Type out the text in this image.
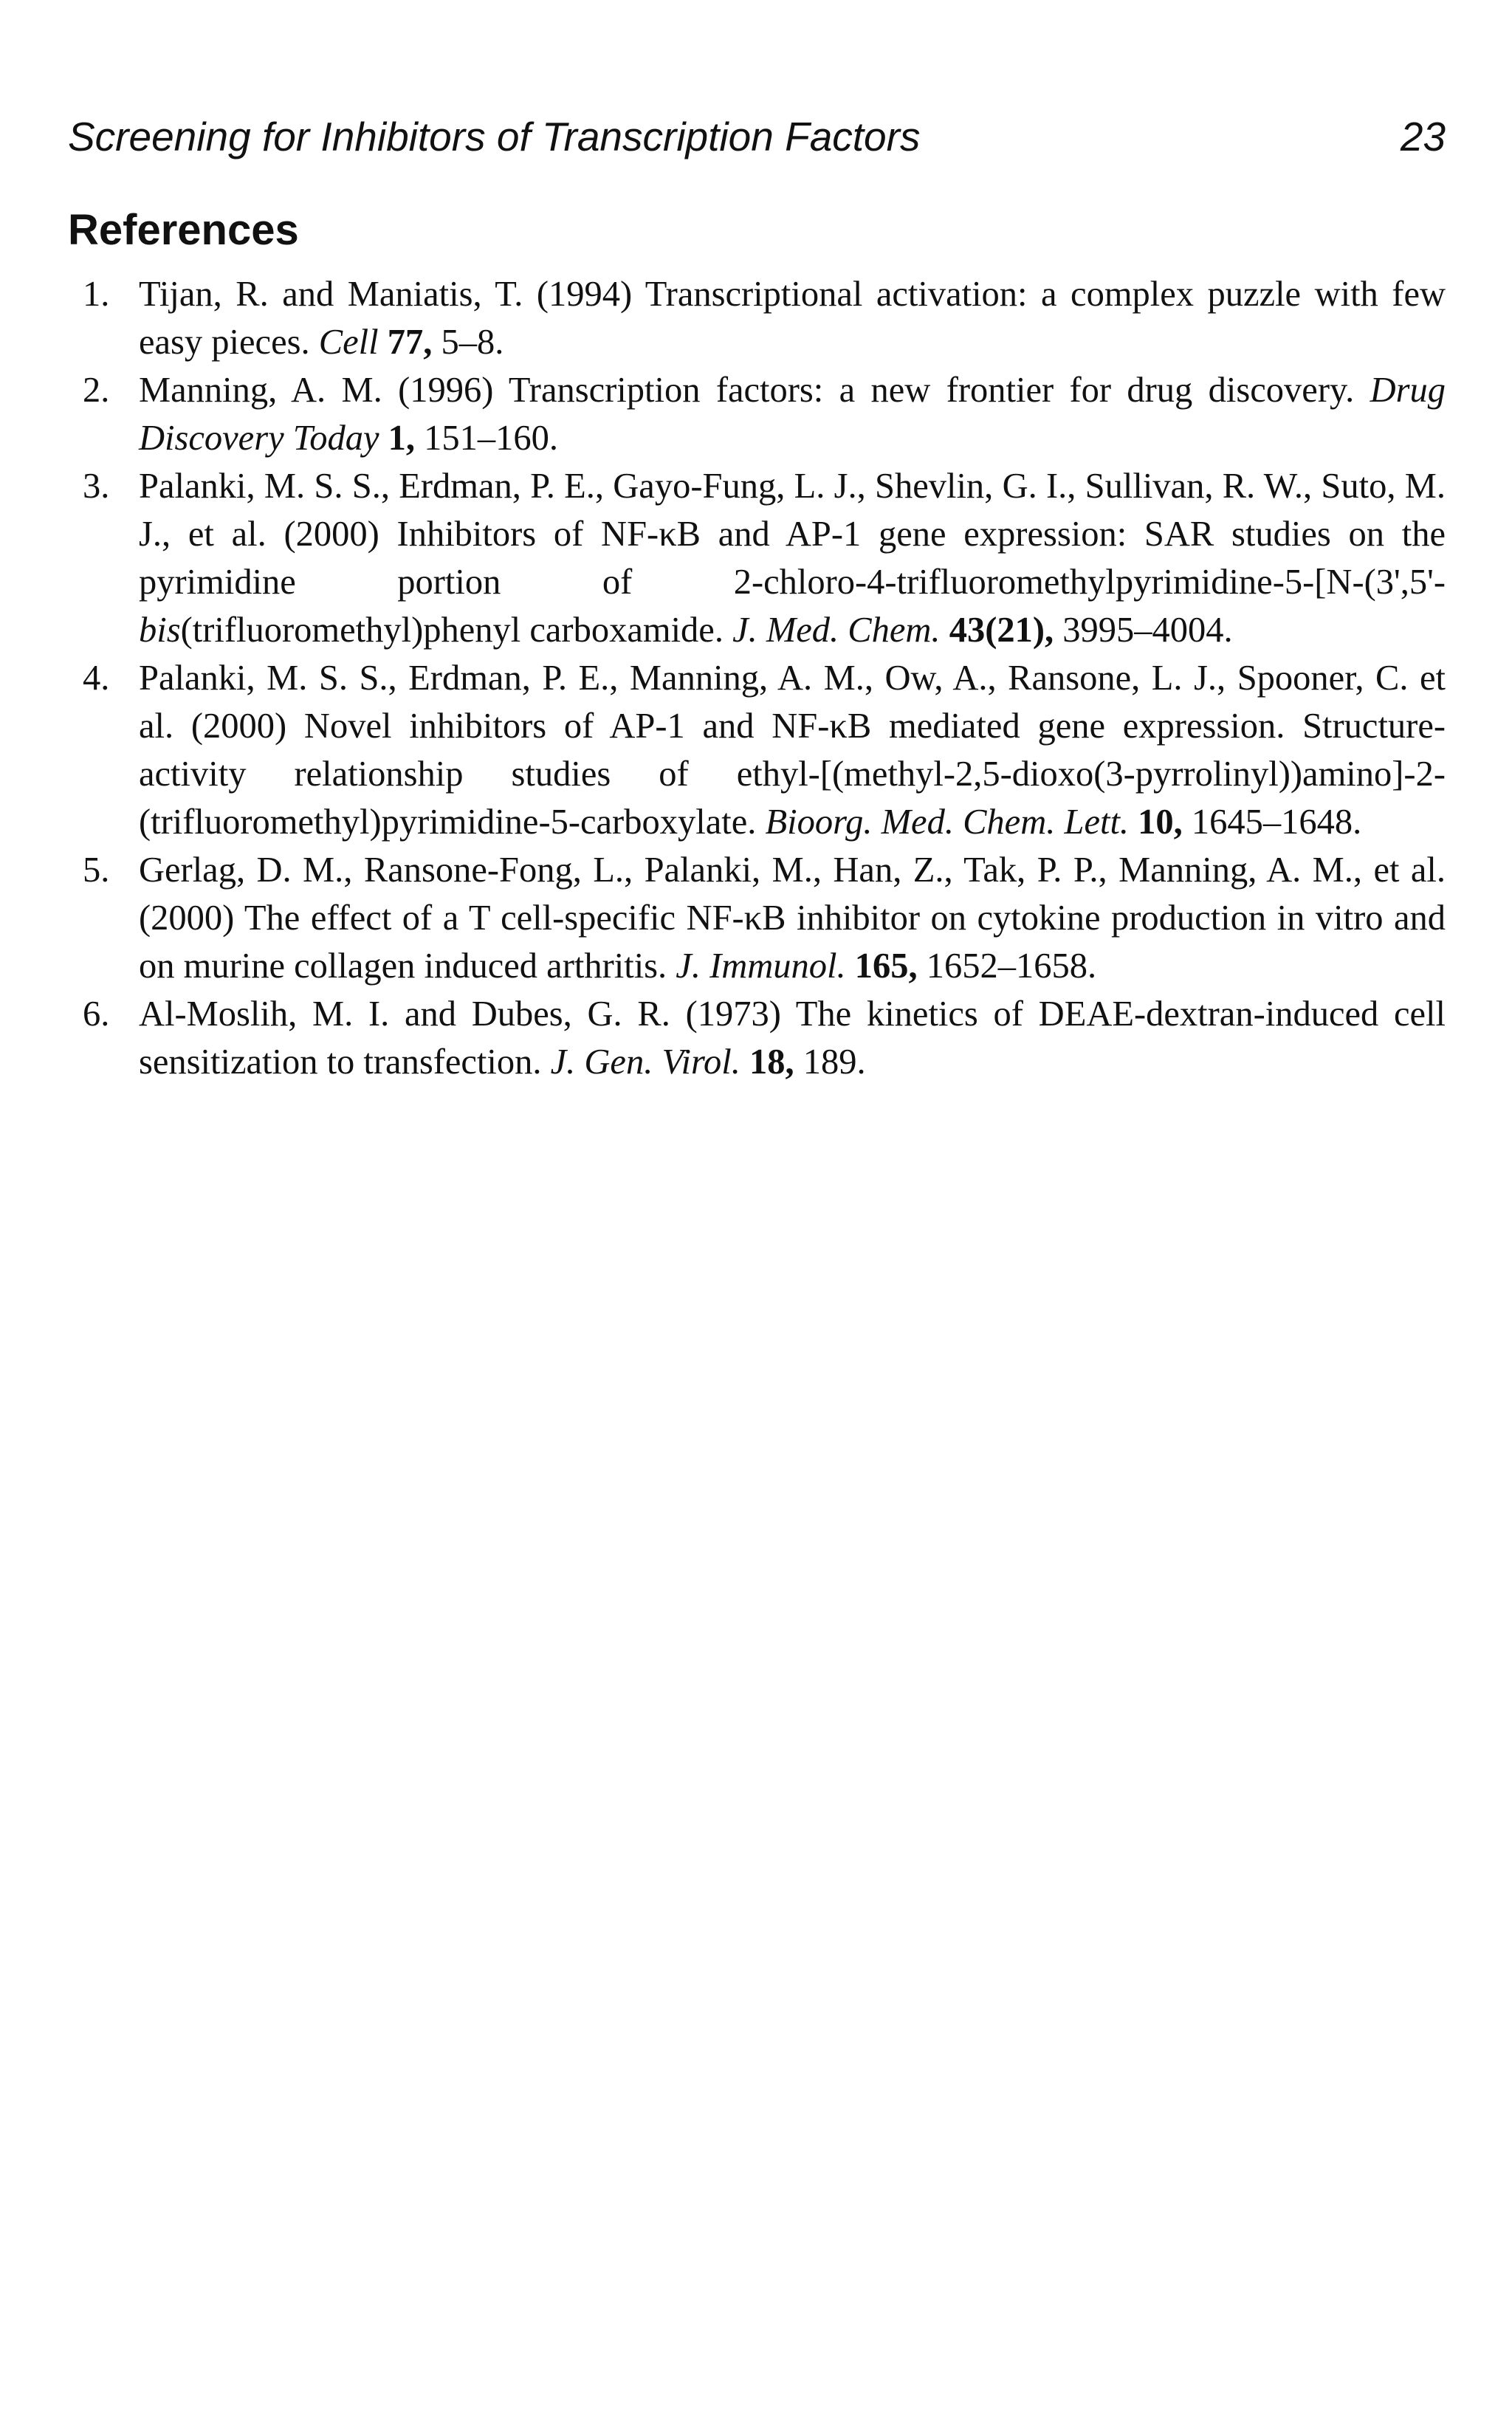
Screening for Inhibitors of Transcription Factors	23
References
1. Tijan, R. and Maniatis, T. (1994) Transcriptional activation: a complex puzzle with few easy pieces. Cell 77, 5–8.
2. Manning, A. M. (1996) Transcription factors: a new frontier for drug discovery. Drug Discovery Today 1, 151–160.
3. Palanki, M. S. S., Erdman, P. E., Gayo-Fung, L. J., Shevlin, G. I., Sullivan, R. W., Suto, M. J., et al. (2000) Inhibitors of NF-κB and AP-1 gene expression: SAR studies on the pyrimidine portion of 2-chloro-4-trifluoromethylpyrimidine-5-[N-(3',5'-bis(trifluoromethyl)phenyl carboxamide. J. Med. Chem. 43(21), 3995–4004.
4. Palanki, M. S. S., Erdman, P. E., Manning, A. M., Ow, A., Ransone, L. J., Spooner, C. et al. (2000) Novel inhibitors of AP-1 and NF-κB mediated gene expression. Structure-activity relationship studies of ethyl-[(methyl-2,5-dioxo(3-pyrrolinyl))amino]-2-(trifluoromethyl)pyrimidine-5-carboxylate. Bioorg. Med. Chem. Lett. 10, 1645–1648.
5. Gerlag, D. M., Ransone-Fong, L., Palanki, M., Han, Z., Tak, P. P., Manning, A. M., et al. (2000) The effect of a T cell-specific NF-κB inhibitor on cytokine production in vitro and on murine collagen induced arthritis. J. Immunol. 165, 1652–1658.
6. Al-Moslih, M. I. and Dubes, G. R. (1973) The kinetics of DEAE-dextran-induced cell sensitization to transfection. J. Gen. Virol. 18, 189.
